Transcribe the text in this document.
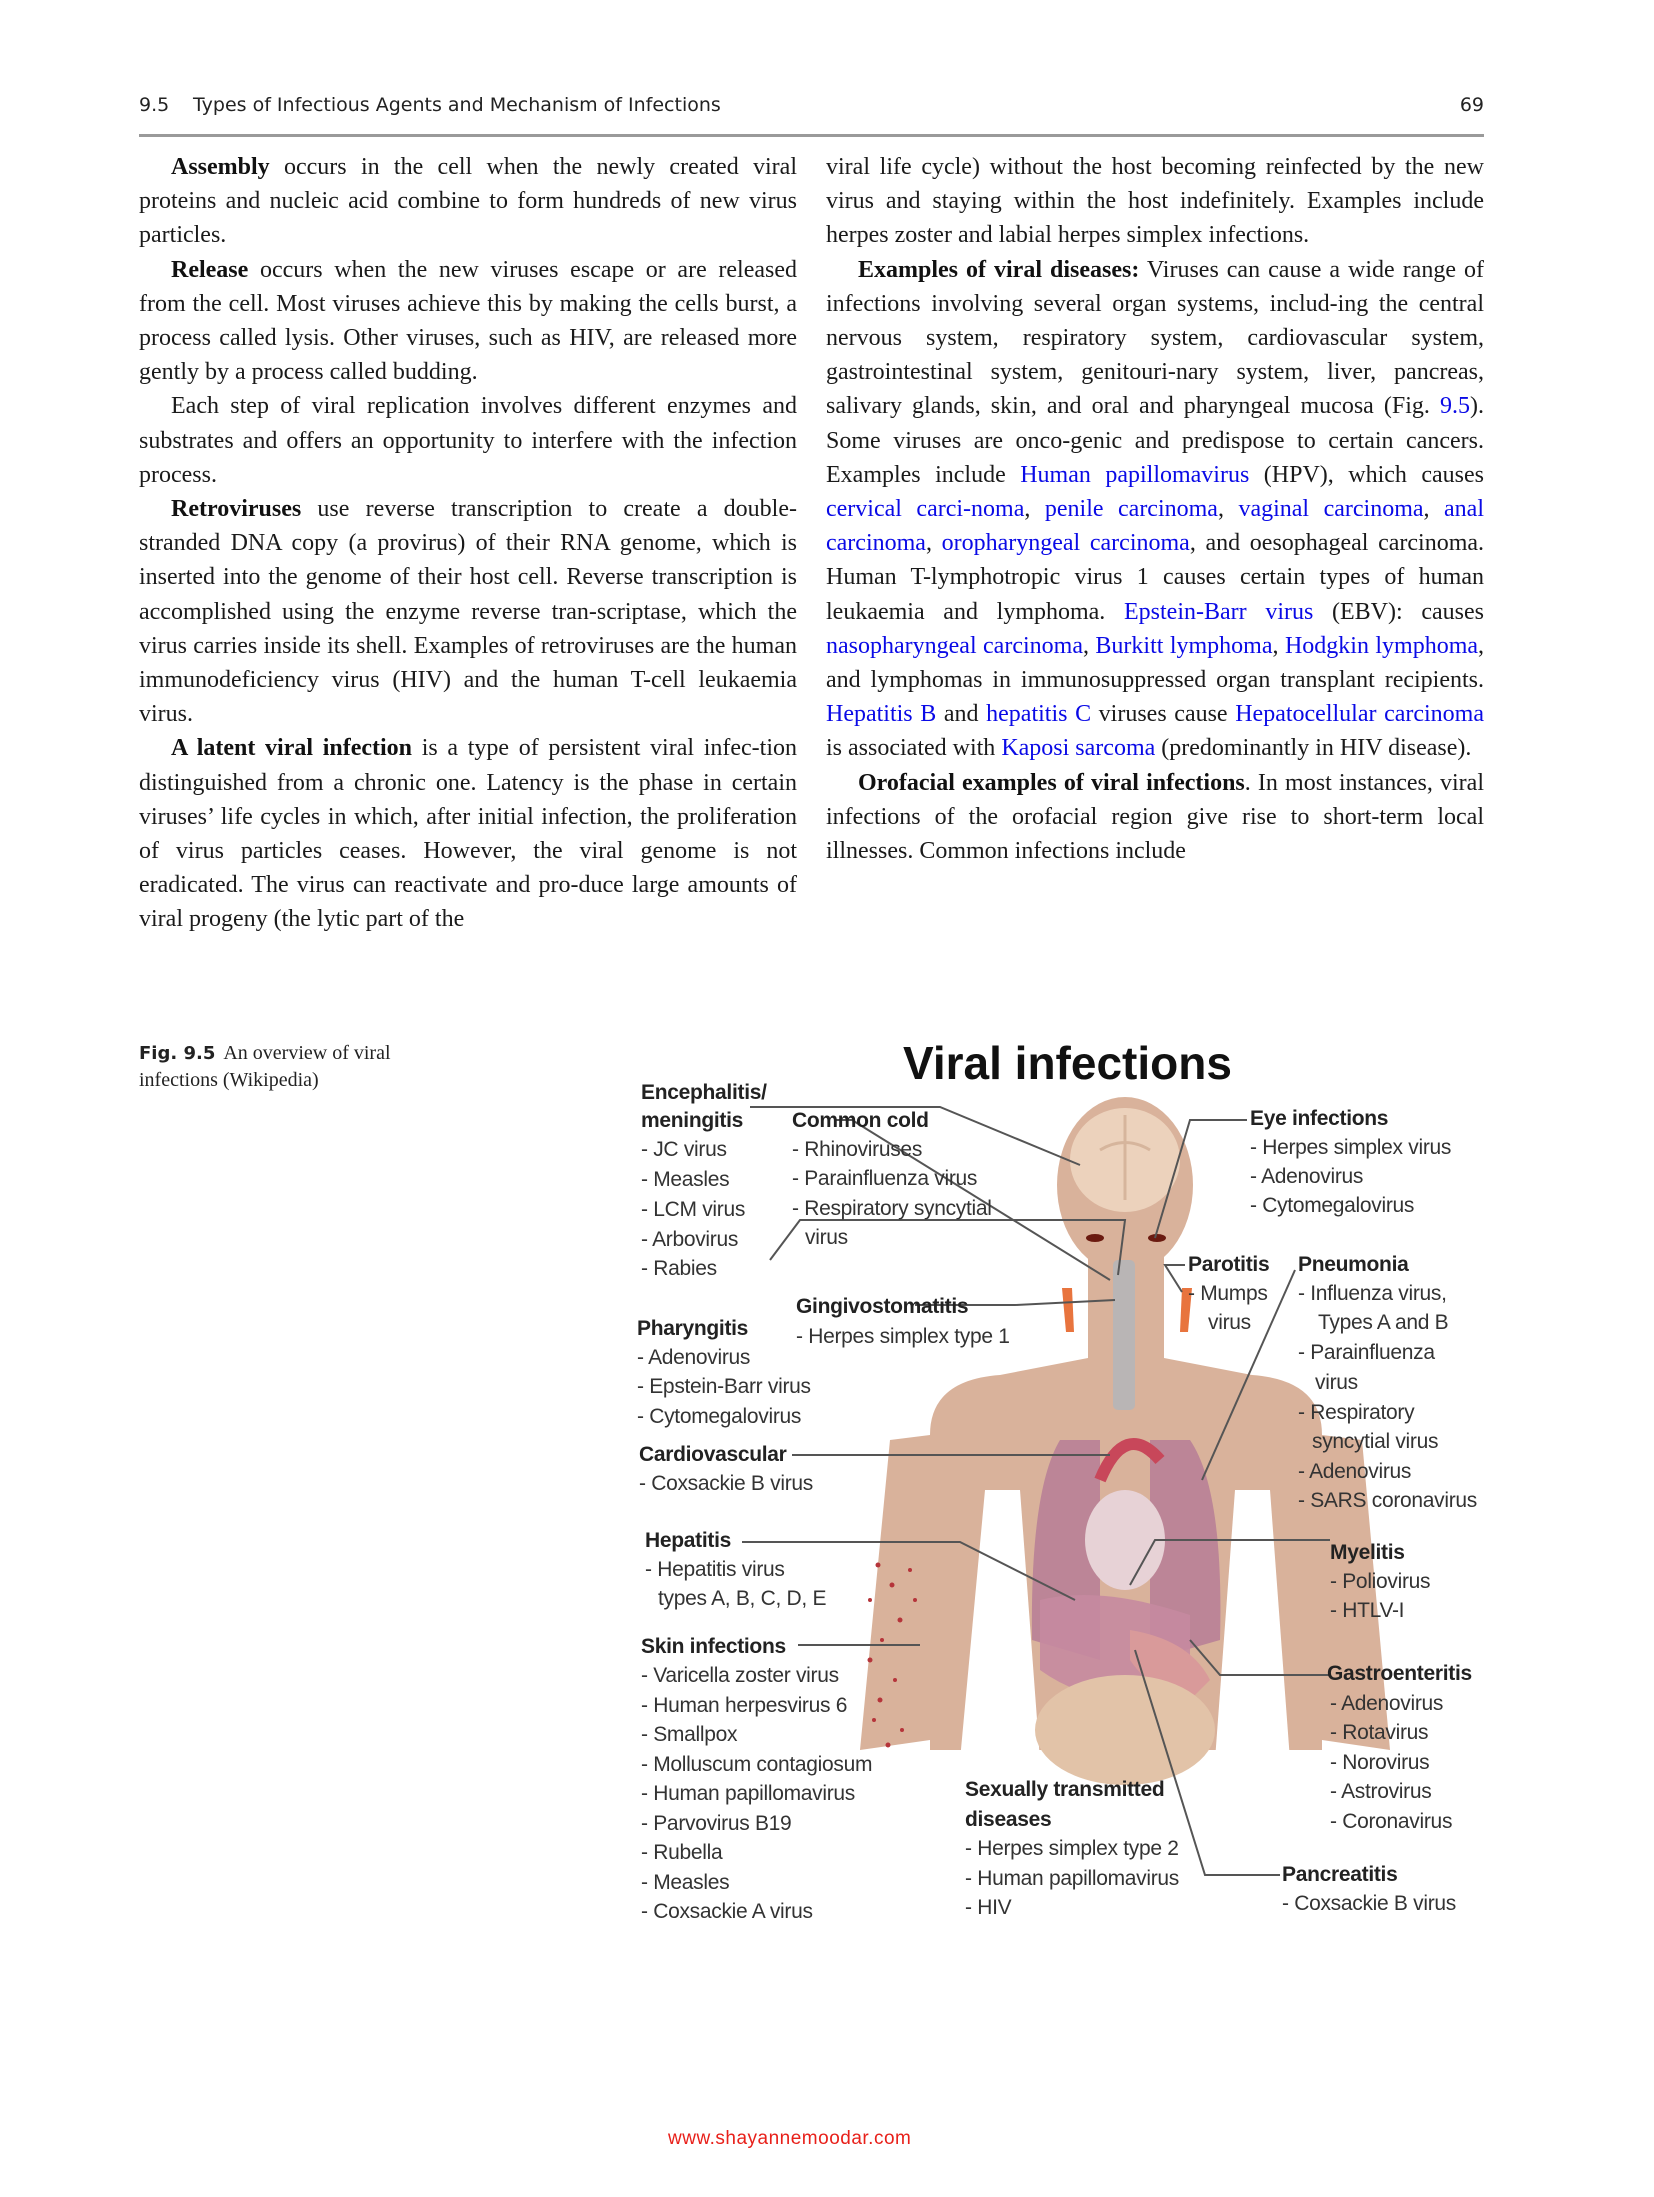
9.5 Types of Infectious Agents and Mechanism of Infections	69

Assembly occurs in the cell when the newly created viral proteins and nucleic acid combine to form hundreds of new virus particles.

Release occurs when the new viruses escape or are released from the cell. Most viruses achieve this by making the cells burst, a process called lysis. Other viruses, such as HIV, are released more gently by a process called budding.

Each step of viral replication involves different enzymes and substrates and offers an opportunity to interfere with the infection process.

Retroviruses use reverse transcription to create a double-stranded DNA copy (a provirus) of their RNA genome, which is inserted into the genome of their host cell. Reverse transcription is accomplished using the enzyme reverse tran-scriptase, which the virus carries inside its shell. Examples of retroviruses are the human immunodeficiency virus (HIV) and the human T-cell leukaemia virus.

A latent viral infection is a type of persistent viral infec-tion distinguished from a chronic one. Latency is the phase in certain viruses’ life cycles in which, after initial infection, the proliferation of virus particles ceases. However, the viral genome is not eradicated. The virus can reactivate and pro-duce large amounts of viral progeny (the lytic part of the

viral life cycle) without the host becoming reinfected by the new virus and staying within the host indefinitely. Examples include herpes zoster and labial herpes simplex infections.

Examples of viral diseases: Viruses can cause a wide range of infections involving several organ systems, includ-ing the central nervous system, respiratory system, cardiovascular system, gastrointestinal system, genitouri-nary system, liver, pancreas, salivary glands, skin, and oral and pharyngeal mucosa (Fig. 9.5). Some viruses are onco-genic and predispose to certain cancers. Examples include Human papillomavirus (HPV), which causes cervical carci-noma, penile carcinoma, vaginal carcinoma, anal carcinoma, oropharyngeal carcinoma, and oesophageal carcinoma. Human T-lymphotropic virus 1 causes certain types of human leukaemia and lymphoma. Epstein-Barr virus (EBV): causes nasopharyngeal carcinoma, Burkitt lymphoma, Hodgkin lymphoma, and lymphomas in immunosuppressed organ transplant recipients. Hepatitis B and hepatitis C viruses cause Hepatocellular carcinoma is associated with Kaposi sarcoma (predominantly in HIV disease).

Orofacial examples of viral infections. In most instances, viral infections of the orofacial region give rise to short-term local illnesses. Common infections include

Fig. 9.5 An overview of viral infections (Wikipedia)	Viral infections
Encephalitis/
meningitis
- JC virus
- Measles
- LCM virus
- Arbovirus
- Rabies
Common cold
- Rhinoviruses
- Parainfluenza virus
- Respiratory syncytial
virus
Eye infections
- Herpes simplex virus
- Adenovirus
- Cytomegalovirus
Parotitis
- Mumps
virus
Pneumonia
- Influenza virus,
Types A and B
- Parainfluenza
virus
- Respiratory
syncytial virus
- Adenovirus
- SARS coronavirus
Pharyngitis
- Adenovirus
- Epstein-Barr virus
- Cytomegalovirus
Gingivostomatitis
- Herpes simplex type 1
Cardiovascular
- Coxsackie B virus
Hepatitis
- Hepatitis virus
types A, B, C, D, E
Skin infections
- Varicella zoster virus
- Human herpesvirus 6
- Smallpox
- Molluscum contagiosum
- Human papillomavirus
- Parvovirus B19
- Rubella
- Measles
- Coxsackie A virus
Myelitis
- Poliovirus
- HTLV-I
Gastroenteritis
- Adenovirus
- Rotavirus
- Norovirus
- Astrovirus
- Coronavirus
Sexually transmitted
diseases
- Herpes simplex type 2
- Human papillomavirus
- HIV
Pancreatitis
- Coxsackie B virus
www.shayannemoodar.com
